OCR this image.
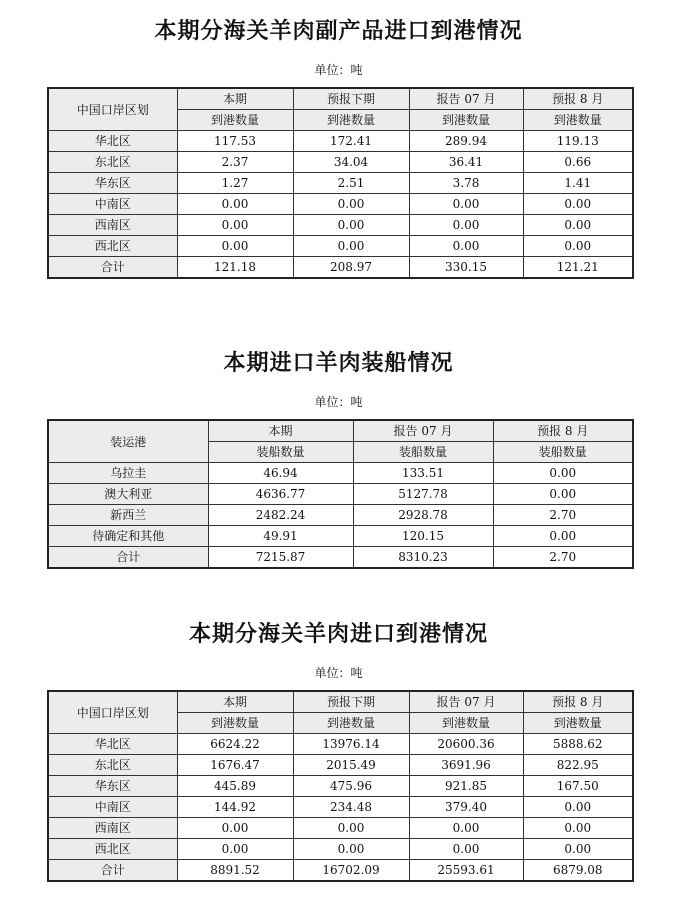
本期分海关羊肉副产品进口到港情况
单位：吨
中国口岸区划	本期	预报下期	报告 07 月	预报 8 月
	到港数量	到港数量	到港数量	到港数量
华北区	117.53	172.41	289.94	119.13
东北区	2.37	34.04	36.41	0.66
华东区	1.27	2.51	3.78	1.41
中南区	0.00	0.00	0.00	0.00
西南区	0.00	0.00	0.00	0.00
西北区	0.00	0.00	0.00	0.00
合计	121.18	208.97	330.15	121.21
本期进口羊肉装船情况
单位：吨
装运港	本期	报告 07 月	预报 8 月
	装船数量	装船数量	装船数量
乌拉圭	46.94	133.51	0.00
澳大利亚	4636.77	5127.78	0.00
新西兰	2482.24	2928.78	2.70
待确定和其他	49.91	120.15	0.00
合计	7215.87	8310.23	2.70
本期分海关羊肉进口到港情况
单位：吨
中国口岸区划	本期	预报下期	报告 07 月	预报 8 月
	到港数量	到港数量	到港数量	到港数量
华北区	6624.22	13976.14	20600.36	5888.62
东北区	1676.47	2015.49	3691.96	822.95
华东区	445.89	475.96	921.85	167.50
中南区	144.92	234.48	379.40	0.00
西南区	0.00	0.00	0.00	0.00
西北区	0.00	0.00	0.00	0.00
合计	8891.52	16702.09	25593.61	6879.08
